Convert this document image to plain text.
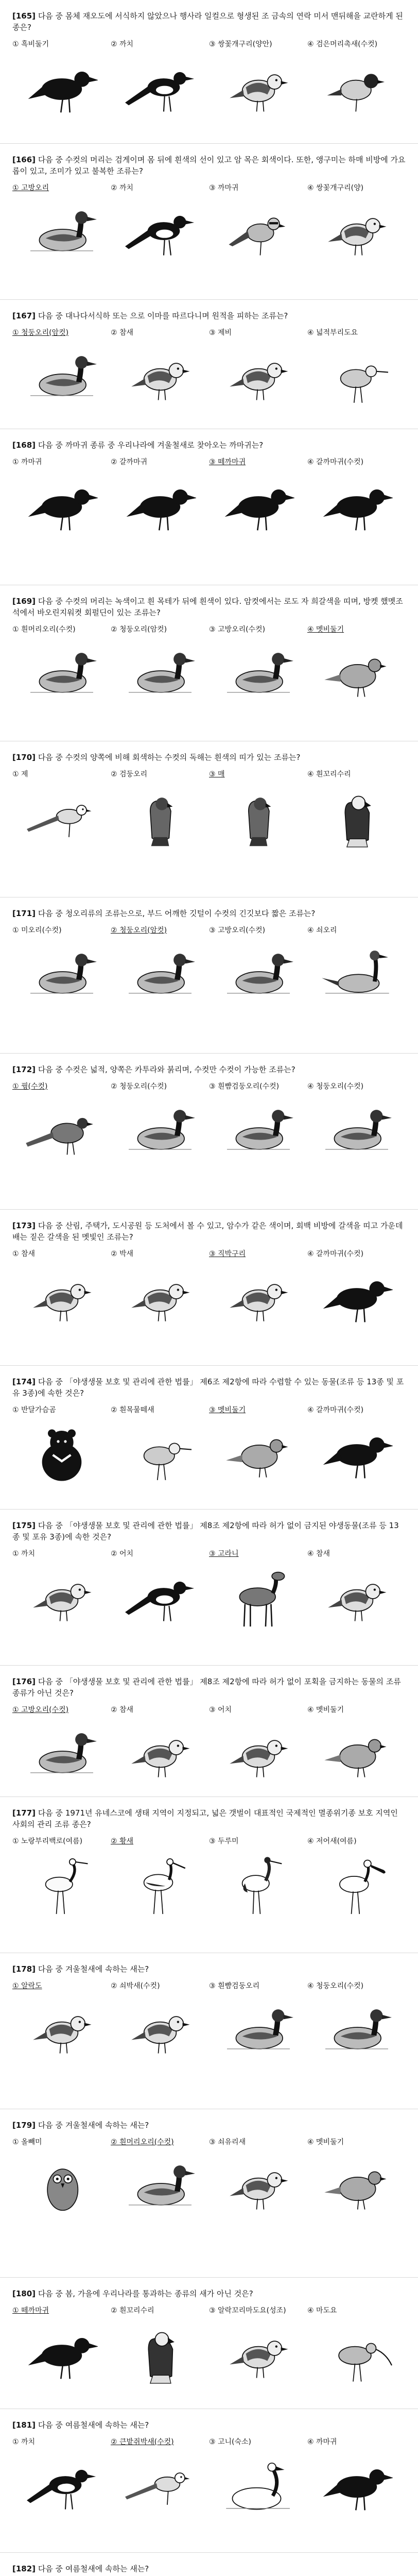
[165] 다음 중 몸체 재오도에 서식하지 않았으나 행사라 일컬으로 형생된 조 금속의 연락 미서 맨뒤해을 교란하게 된 종은?
① 흑비둘기	② 까치	③ 쌍꽃개구리(양안)	④ 검은머리촉새(수컷)
[166] 다음 중 수컷의 머리는 검게이며 몸 뒤에 흰색의 선이 있고 암 목은 회색이다. 또한, 앵구미는 하매 비방에 가요롭이 있고, 조미가 있고 불복한 조류는?
① 고방오리	② 까치	③ 까마귀	④ 쌍꽃개구리(양)
[167] 다음 중 대나다서식하 또는 으로 이마를 따르다니며 원적을 피하는 조류는?
① 청둥오리(암컷)	② 참새	③ 제비	④ 넓적부리도요
[168] 다음 중 까마귀 종류 중 우리나라에 겨울철새로 찾아오는 까마귀는?
① 까마귀	② 갈까마귀	③ 떼까마귀	④ 갈까마귀(수컷)
[169] 다음 중 수컷의 머리는 녹색이고 흰 목테가 뒤에 흰색이 있다. 암컷에서는 로도 자 희갈색을 띠며, 방켓 했멧조석에서 바오린지워켯 회펄딘이 있는 조류는?
① 흰머리오리(수컷)	② 청둥오리(암컷)	③ 고방오리(수컷)	④ 멧비둘기
[170] 다음 중 수컷의 양쪽에 비해 회색하는 수컷의 독해는 흰색의 띠가 있는 조류는?
① 제	② 검둥오리	③ 매	④ 흰꼬리수리
[171] 다음 중 청오리류의 조류는으로, 부드 어깨한 깃털이 수컷의 긴깃보다 짧은 조류는?
① 미오리(수컷)	② 청둥오리(암컷)	③ 고방오리(수컷)	④ 쇠오리
[172] 다음 중 수컷은 넓적, 양쪽은 카투라와 붉리며, 수컷만 수컷이 가능한 조류는?
① 꿩(수컷)	② 청둥오리(수컷)	③ 흰뺨검둥오리(수컷)	④ 청둥오리(수컷)
[173] 다음 중 산림, 주택가, 도시공원 등 도처에서 볼 수 있고, 암수가 같은 색이며, 회백 비방에 갈색을 띠고 가운데 배는 짙은 갈색을 된 멧빛인 조류는?
① 참새	② 박새	③ 직박구리	④ 갈까마귀(수컷)
[174] 다음 중 「야생생물 보호 및 관리에 관한 법률」 제6조 제2항에 따라 수렵할 수 있는 동물(조류 등 13종 및 포유 3종)에 속한 것은?
① 반달가슴곰	② 흰목물떼새	③ 멧비둘기	④ 갈까마귀(수컷)
[175] 다음 중 「야생생물 보호 및 관리에 관한 법률」 제8조 제2항에 따라 허가 없이 금지된 야생동물(조류 등 13종 및 포유 3종)에 속한 것은?
① 까치	② 어치	③ 고라니	④ 참새
[176] 다음 중 「야생생물 보호 및 관리에 관한 법률」 제8조 제2항에 따라 허가 없이 포획을 금지하는 동물의 조류 종류가 아닌 것은?
① 고방오리(수컷)	② 참새	③ 어치	④ 멧비둘기
[177] 다음 중 1971년 유네스코에 생태 지역이 지정되고, 넓은 갯벌이 대표적인 국제적인 멸종위기종 보호 지역인 사회의 관리 조류 종은?
① 노랑부리백로(여름)	② 황새	③ 두루미	④ 저어새(여름)
[178] 다음 중 겨울철새에 속하는 새는?
① 알락도	② 쇠박새(수컷)	③ 흰뺨검둥오리	④ 청둥오리(수컷)
[179] 다음 중 겨울철새에 속하는 새는?
① 올빼미	② 흰머리오리(수컷)	③ 쇠유리새	④ 멧비둘기
[180] 다음 중 봄, 가을에 우리나라를 통과하는 종류의 새가 아닌 것은?
① 떼까마귀	② 흰꼬리수리	③ 알락꼬리마도요(성조)	④ 마도요
[181] 다음 중 여름철새에 속하는 새는?
① 까치	② 큰밭쥐박새(수컷)	③ 고니(숙소)	④ 까마귀
[182] 다음 중 여름철새에 속하는 새는?
